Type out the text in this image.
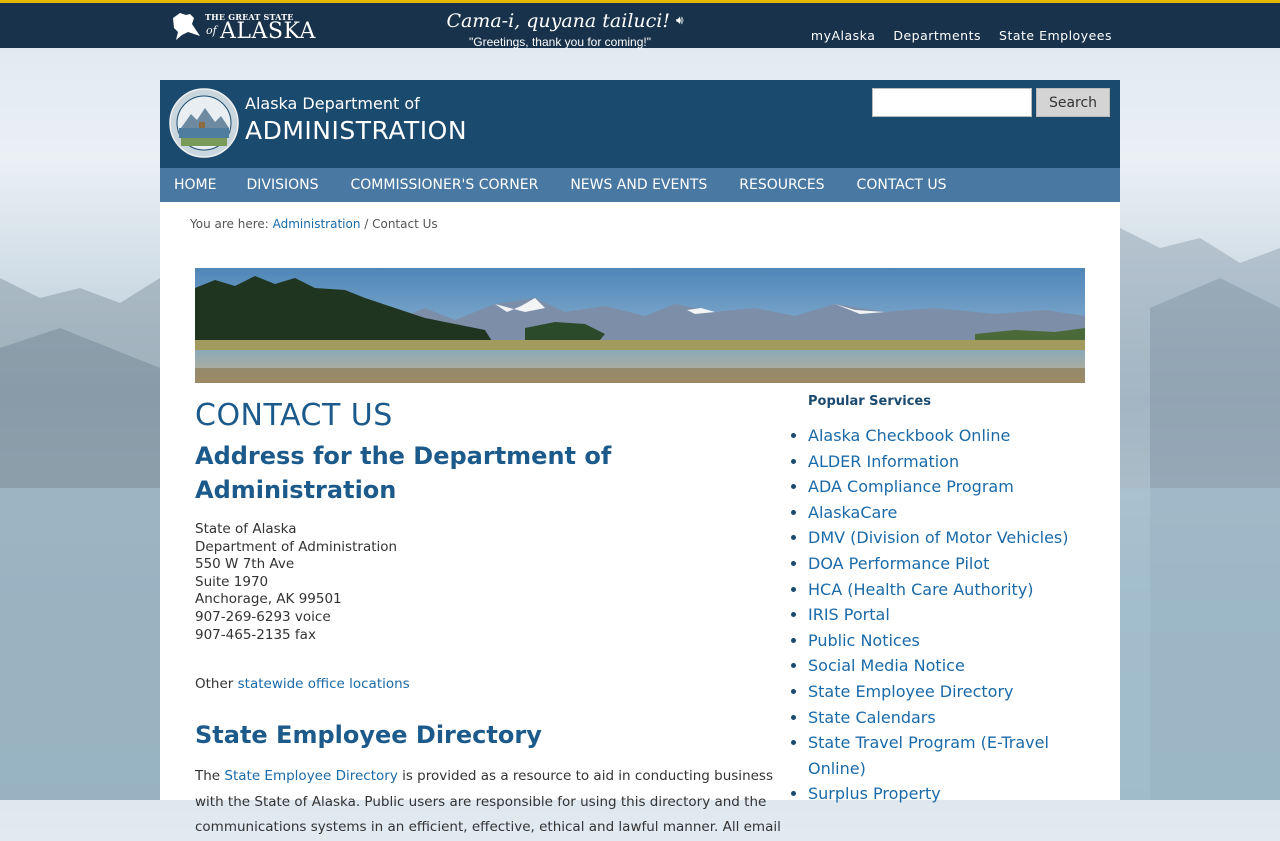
THE GREAT STATE
of ALASKA	Cama-i, quyana tailuci! 🔊︎
"Greetings, thank you for coming!"	myAlaska Departments State Employees
Alaska Department of
ADMINISTRATION
Search
HOME	DIVISIONS	COMMISSIONER'S CORNER	NEWS AND EVENTS	RESOURCES	CONTACT US
You are here: Administration / Contact Us
CONTACT US
Address for the Department of Administration
State of Alaska
Department of Administration
550 W 7th Ave
Suite 1970
Anchorage, AK 99501
907-269-6293 voice
907-465-2135 fax
Other statewide office locations
State Employee Directory

The State Employee Directory is provided as a resource to aid in conducting business with the State of Alaska. Public users are responsible for using this directory and the communications systems in an efficient, effective, ethical and lawful manner. All email

Popular Services
• Alaska Checkbook Online
• ALDER Information
• ADA Compliance Program
• AlaskaCare
• DMV (Division of Motor Vehicles)
• DOA Performance Pilot
• HCA (Health Care Authority)
• IRIS Portal
• Public Notices
• Social Media Notice
• State Employee Directory
• State Calendars
• State Travel Program (E-Travel Online)
• Surplus Property
